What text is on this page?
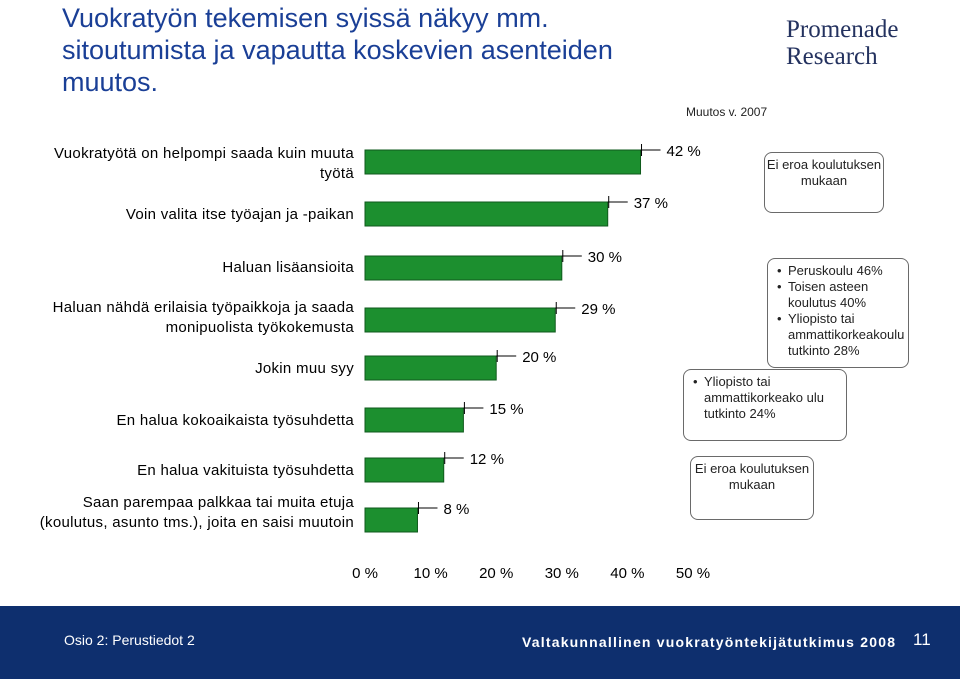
Vuokratyön tekemisen syissä näkyy mm. sitoutumista ja vapautta koskevien asenteiden muutos.
Promenade
Research
Muutos v. 2007
Vuokratyötä on helpompi saada kuin muuta työtä
Voin valita itse työajan ja -paikan
Haluan lisäansioita
Haluan nähdä erilaisia työpaikkoja ja saada monipuolista työkokemusta
Jokin muu syy
En halua kokoaikaista työsuhdetta
En halua vakituista työsuhdetta
Saan parempaa palkkaa tai muita etuja (koulutus, asunto tms.), joita en saisi muutoin
42 %
37 %
30 %
29 %
20 %
15 %
12 %
8 %
0 % 10 % 20 % 30 % 40 % 50 %
Ei eroa koulutuksen mukaan
• Peruskoulu 46%
• Toisen asteen koulutus 40%
• Yliopisto tai ammattikorkeakoulu tutkinto 28%
• Yliopisto tai ammattikorkeako ulu tutkinto 24%
Ei eroa koulutuksen mukaan
Osio 2: Perustiedot 2	Valtakunnallinen vuokratyöntekijätutkimus 2008 11
